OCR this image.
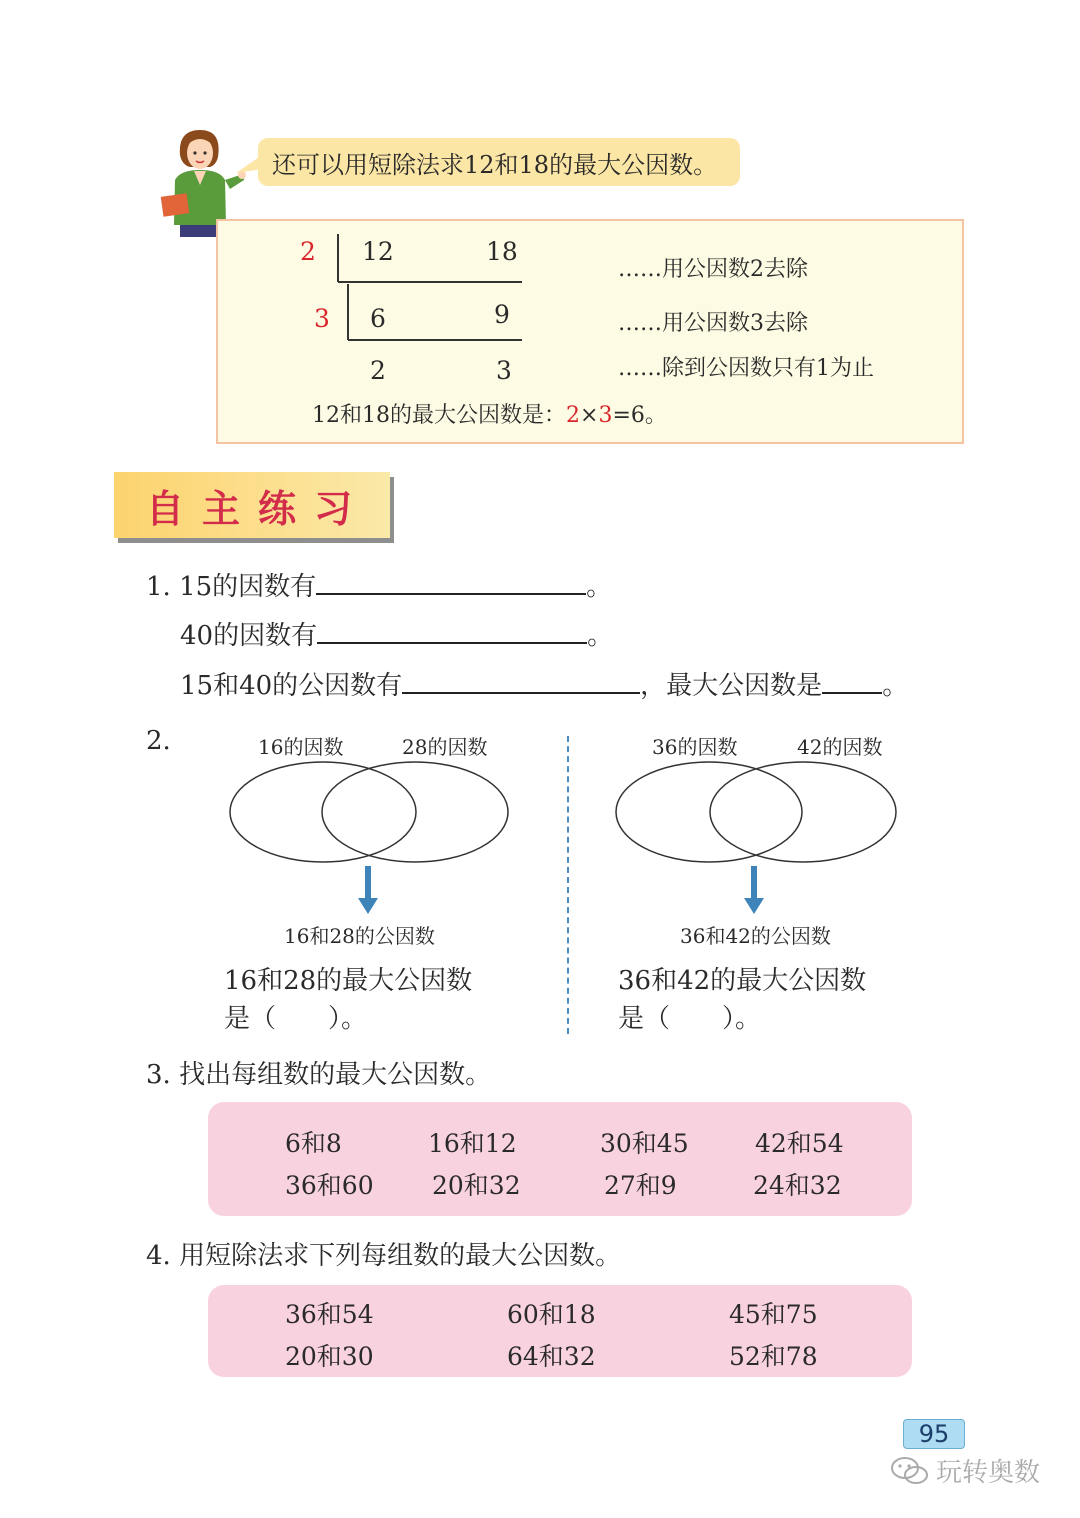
还可以用短除法求12和18的最大公因数。
2 12	18
3 6	9
2	3
……用公因数2去除
……用公因数3去除
……除到公因数只有1为止
12和18的最大公因数是：2×3=6。
自主练习
1. 15的因数有	。
40的因数有	。
15和40的公因数有	，最大公因数是 。
2.	16的因数	28的因数
16和28的公因数
16和28的最大公因数
是（　　）。
36的因数	42的因数
36和42的公因数
36和42的最大公因数
是（　　）。
3. 找出每组数的最大公因数。
6和8	16和12	30和45	42和54
36和60 20和32	27和9	24和32
4. 用短除法求下列每组数的最大公因数。
36和54	60和18	45和75
20和30	64和32	52和78
95
玩转奥数
